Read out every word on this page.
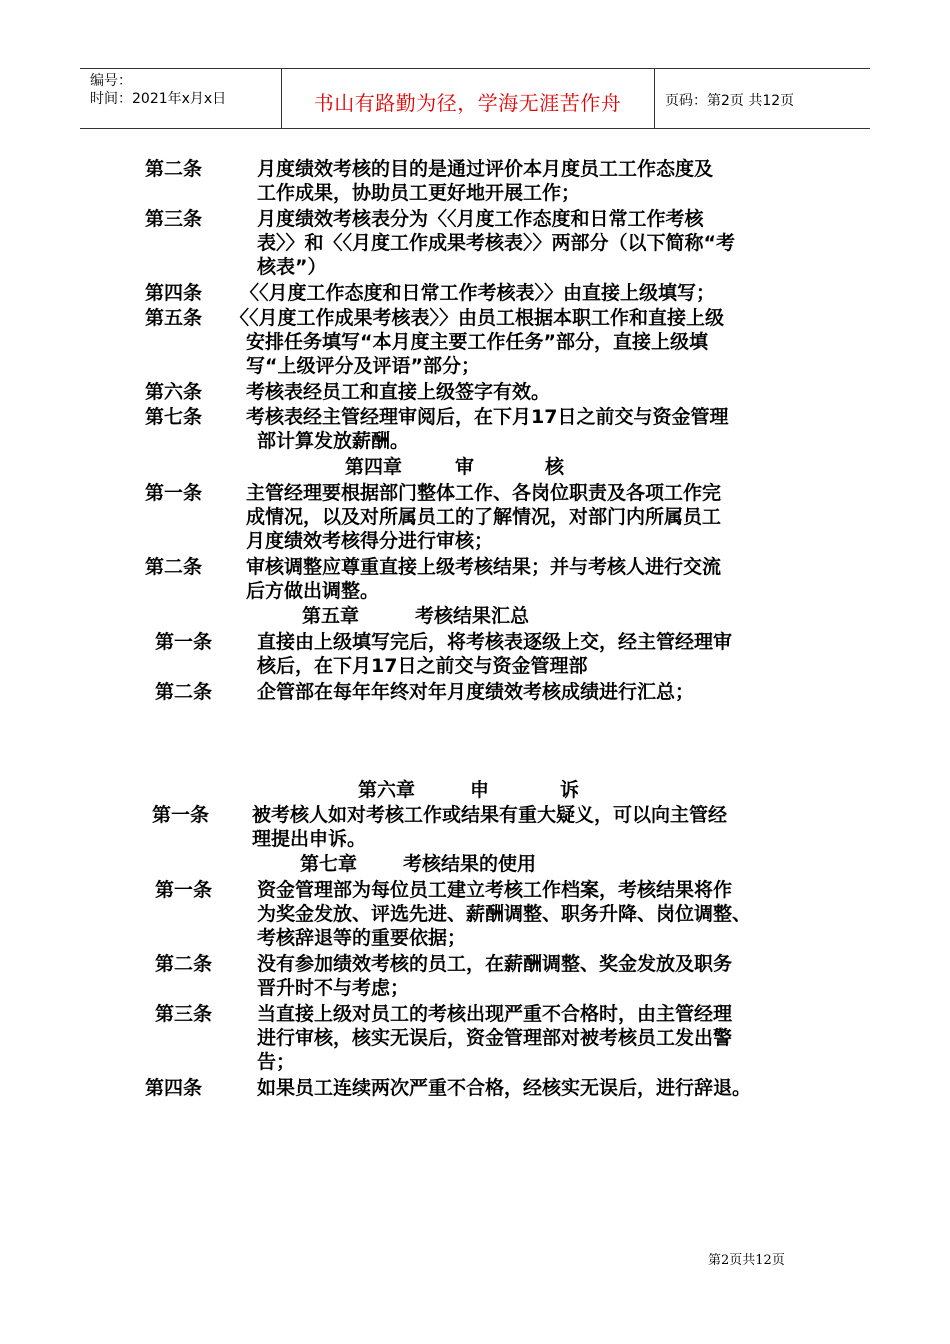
编号：
时间：2021年x月x日	书山有路勤为径，学海无涯苦作舟	页码：第2页 共12页
第二条	月度绩效考核的目的是通过评价本月度员工工作态度及
工作成果，协助员工更好地开展工作；
第三条	月度绩效考核表分为〈〈月度工作态度和日常工作考核
表〉〉和〈〈月度工作成果考核表〉〉两部分（以下简称“考
核表”）
第四条 〈〈月度工作态度和日常工作考核表〉〉由直接上级填写；
第五条 〈〈月度工作成果考核表〉〉由员工根据本职工作和直接上级
安排任务填写“本月度主要工作任务”部分，直接上级填
写“上级评分及评语”部分；
第六条 考核表经员工和直接上级签字有效。
第七条 考核表经主管经理审阅后，在下月17日之前交与资金管理
部计算发放薪酬。
第四章	审	核
第一条 主管经理要根据部门整体工作、各岗位职责及各项工作完
成情况，以及对所属员工的了解情况，对部门内所属员工
月度绩效考核得分进行审核；
第二条 审核调整应尊重直接上级考核结果；并与考核人进行交流
后方做出调整。
第五章	考核结果汇总
第一条 直接由上级填写完后，将考核表逐级上交，经主管经理审
核后，在下月17日之前交与资金管理部
第二条 企管部在每年年终对年月度绩效考核成绩进行汇总；
第六章	申	诉
第一条 被考核人如对考核工作或结果有重大疑义，可以向主管经
理提出申诉。
第七章 考核结果的使用
第一条 资金管理部为每位员工建立考核工作档案，考核结果将作
为奖金发放、评选先进、薪酬调整、职务升降、岗位调整、
考核辞退等的重要依据；
第二条 没有参加绩效考核的员工，在薪酬调整、奖金发放及职务
晋升时不与考虑；
第三条 当直接上级对员工的考核出现严重不合格时，由主管经理
进行审核，核实无误后，资金管理部对被考核员工发出警
告；
第四条	如果员工连续两次严重不合格，经核实无误后，进行辞退。
第2页共12页
